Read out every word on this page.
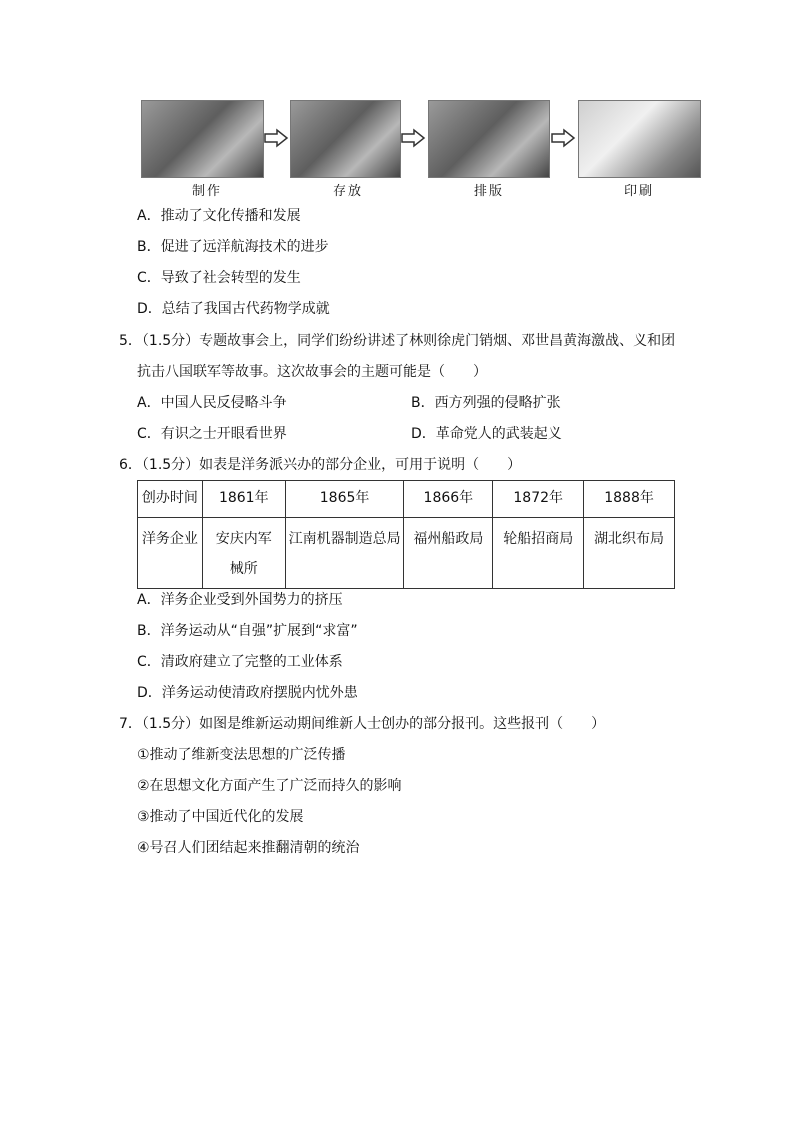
制作	存放	排版	印刷
A．推动了文化传播和发展
B．促进了远洋航海技术的进步
C．导致了社会转型的发生
D．总结了我国古代药物学成就
5．（1.5分）专题故事会上，同学们纷纷讲述了林则徐虎门销烟、邓世昌黄海激战、义和团
抗击八国联军等故事。这次故事会的主题可能是（　　）
A．中国人民反侵略斗争	B．西方列强的侵略扩张
C．有识之士开眼看世界	D．革命党人的武装起义
6．（1.5分）如表是洋务派兴办的部分企业，可用于说明（　　）
创办时间	1861年	1865年	1866年	1872年	1888年
洋务企业	安庆内军械所	江南机器制造总局	福州船政局	轮船招商局	湖北织布局
A．洋务企业受到外国势力的挤压
B．洋务运动从“自强”扩展到“求富”
C．清政府建立了完整的工业体系
D．洋务运动使清政府摆脱内忧外患
7．（1.5分）如图是维新运动期间维新人士创办的部分报刊。这些报刊（　　）
①推动了维新变法思想的广泛传播
②在思想文化方面产生了广泛而持久的影响
③推动了中国近代化的发展
④号召人们团结起来推翻清朝的统治
